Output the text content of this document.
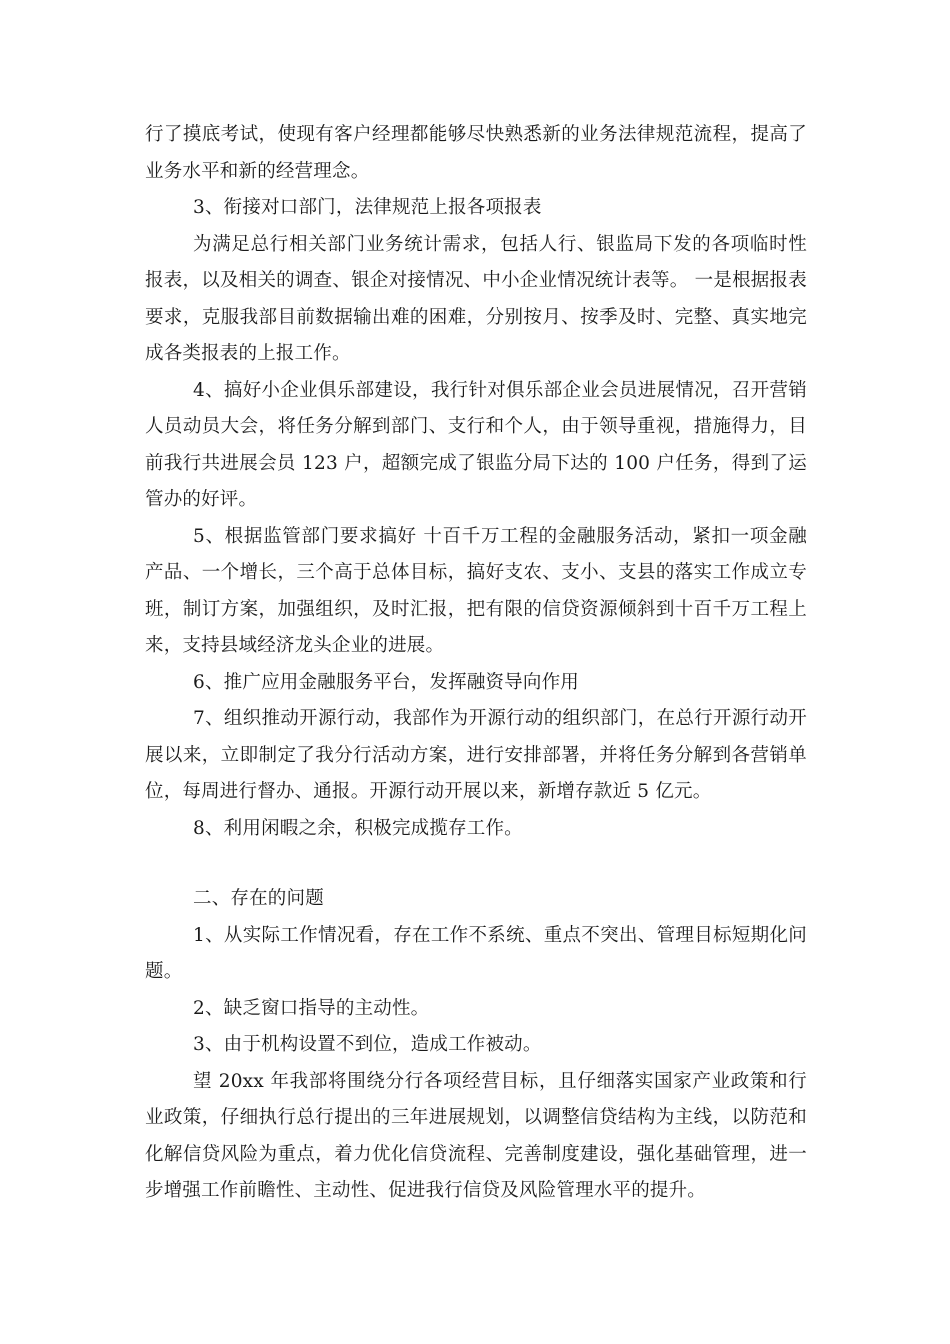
行了摸底考试，使现有客户经理都能够尽快熟悉新的业务法律规范流程，提高了业务水平和新的经营理念。

3、衔接对口部门，法律规范上报各项报表

为满足总行相关部门业务统计需求，包括人行、银监局下发的各项临时性报表，以及相关的调查、银企对接情况、中小企业情况统计表等。 一是根据报表要求，克服我部目前数据输出难的困难，分别按月、按季及时、完整、真实地完成各类报表的上报工作。

4、搞好小企业俱乐部建设，我行针对俱乐部企业会员进展情况，召开营销人员动员大会，将任务分解到部门、支行和个人，由于领导重视，措施得力，目前我行共进展会员 123 户，超额完成了银监分局下达的 100 户任务，得到了运管办的好评。

5、根据监管部门要求搞好 十百千万工程的金融服务活动，紧扣一项金融产品、一个增长，三个高于总体目标，搞好支农、支小、支县的落实工作成立专班，制订方案，加强组织，及时汇报，把有限的信贷资源倾斜到十百千万工程上来，支持县域经济龙头企业的进展。

6、推广应用金融服务平台，发挥融资导向作用

7、组织推动开源行动，我部作为开源行动的组织部门，在总行开源行动开展以来，立即制定了我分行活动方案，进行安排部署，并将任务分解到各营销单位，每周进行督办、通报。开源行动开展以来，新增存款近 5 亿元。

8、利用闲暇之余，积极完成揽存工作。

二、存在的问题

1、从实际工作情况看，存在工作不系统、重点不突出、管理目标短期化问题。

2、缺乏窗口指导的主动性。

3、由于机构设置不到位，造成工作被动。

望 20xx 年我部将围绕分行各项经营目标，且仔细落实国家产业政策和行业政策，仔细执行总行提出的三年进展规划，以调整信贷结构为主线，以防范和化解信贷风险为重点，着力优化信贷流程、完善制度建设，强化基础管理，进一步增强工作前瞻性、主动性、促进我行信贷及风险管理水平的提升。
